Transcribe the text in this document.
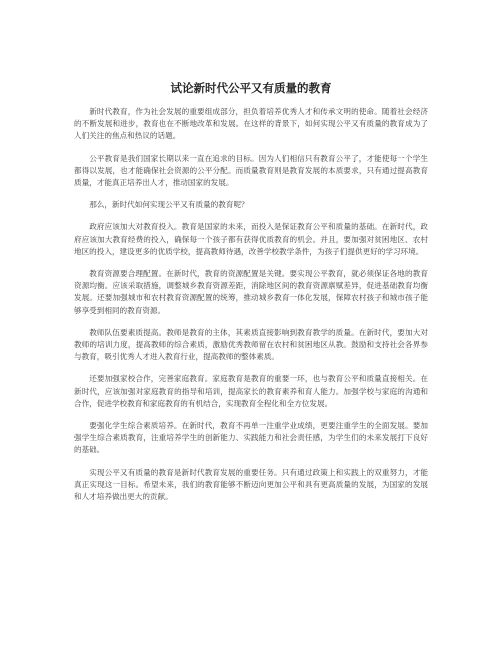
试论新时代公平又有质量的教育

新时代教育，作为社会发展的重要组成部分，担负着培养优秀人才和传承文明的使命。随着社会经济的不断发展和进步，教育也在不断地改革和发展。在这样的背景下，如何实现公平又有质量的教育成为了人们关注的焦点和热议的话题。

公平教育是我们国家长期以来一直在追求的目标。因为人们相信只有教育公平了，才能使每一个学生都得以发展，也才能确保社会资源的公平分配。而质量教育则是教育发展的本质要求，只有通过提高教育质量，才能真正培养出人才，推动国家的发展。

那么，新时代如何实现公平又有质量的教育呢？

政府应该加大对教育投入。教育是国家的未来，而投入是保证教育公平和质量的基础。在新时代，政府应该加大教育经费的投入，确保每一个孩子都有获得优质教育的机会。并且，要加强对贫困地区、农村地区的投入，建设更多的优质学校，提高教师待遇，改善学校教学条件，为孩子们提供更好的学习环境。

教育资源要合理配置。在新时代，教育的资源配置是关键。要实现公平教育，就必须保证各地的教育资源均衡。应该采取措施，调整城乡教育资源差距，消除地区间的教育资源禀赋差异，促进基础教育均衡发展。还要加强城市和农村教育资源配置的统筹，推动城乡教育一体化发展，保障农村孩子和城市孩子能够享受到相同的教育资源。

教师队伍要素质提高。教师是教育的主体，其素质直接影响到教育教学的质量。在新时代，要加大对教师的培训力度，提高教师的综合素质，激励优秀教师留在农村和贫困地区从教。鼓励和支持社会各界参与教育，吸引优秀人才进入教育行业，提高教师的整体素质。

还要加强家校合作，完善家庭教育。家庭教育是教育的重要一环，也与教育公平和质量直接相关。在新时代，应该加强对家庭教育的指导和培训，提高家长的教育素养和育人能力。加强学校与家庭的沟通和合作，促进学校教育和家庭教育的有机结合，实现教育全程化和全方位发展。

要强化学生综合素质培养。在新时代，教育不再单一注重学业成绩，更要注重学生的全面发展。要加强学生综合素质教育，注重培养学生的创新能力、实践能力和社会责任感，为学生们的未来发展打下良好的基础。

实现公平又有质量的教育是新时代教育发展的重要任务。只有通过政策上和实践上的双重努力，才能真正实现这一目标。希望未来，我们的教育能够不断迈向更加公平和具有更高质量的发展，为国家的发展和人才培养做出更大的贡献。
